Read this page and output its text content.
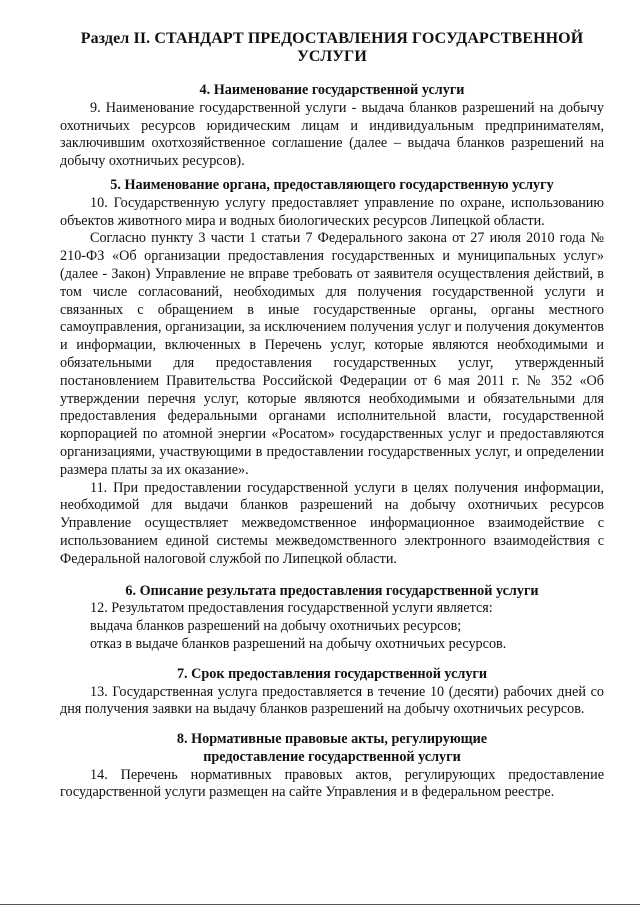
Раздел II. СТАНДАРТ ПРЕДОСТАВЛЕНИЯ ГОСУДАРСТВЕННОЙ УСЛУГИ
4. Наименование государственной услуги

9. Наименование государственной услуги - выдача бланков разрешений на добычу охотничьих ресурсов юридическим лицам и индивидуальным предпринимателям, заключившим охотхозяйственное соглашение (далее – выдача бланков разрешений на добычу охотничьих ресурсов).

5. Наименование органа, предоставляющего государственную услугу

10. Государственную услугу предоставляет управление по охране, использованию объектов животного мира и водных биологических ресурсов Липецкой области.

Согласно пункту 3 части 1 статьи 7 Федерального закона от 27 июля 2010 года № 210-ФЗ «Об организации предоставления государственных и муниципальных услуг» (далее - Закон) Управление не вправе требовать от заявителя осуществления действий, в том числе согласований, необходимых для получения государственной услуги и связанных с обращением в иные государственные органы, органы местного самоуправления, организации, за исключением получения услуг и получения документов и информации, включенных в Перечень услуг, которые являются необходимыми и обязательными для предоставления государственных услуг, утвержденный постановлением Правительства Российской Федерации от 6 мая 2011 г. № 352 «Об утверждении перечня услуг, которые являются необходимыми и обязательными для предоставления федеральными органами исполнительной власти, государственной корпорацией по атомной энергии «Росатом» государственных услуг и предоставляются организациями, участвующими в предоставлении государственных услуг, и определении размера платы за их оказание».

11. При предоставлении государственной услуги в целях получения информации, необходимой для выдачи бланков разрешений на добычу охотничьих ресурсов Управление осуществляет межведомственное информационное взаимодействие с использованием единой системы межведомственного электронного взаимодействия с Федеральной налоговой службой по Липецкой области.

6. Описание результата предоставления государственной услуги

12. Результатом предоставления государственной услуги является:

выдача бланков разрешений на добычу охотничьих ресурсов;

отказ в выдаче бланков разрешений на добычу охотничьих ресурсов.

7. Срок предоставления государственной услуги

13. Государственная услуга предоставляется в течение 10 (десяти) рабочих дней со дня получения заявки на выдачу бланков разрешений на добычу охотничьих ресурсов.

8. Нормативные правовые акты, регулирующие
предоставление государственной услуги

14. Перечень нормативных правовых актов, регулирующих предоставление государственной услуги размещен на сайте Управления и в федеральном реестре.
